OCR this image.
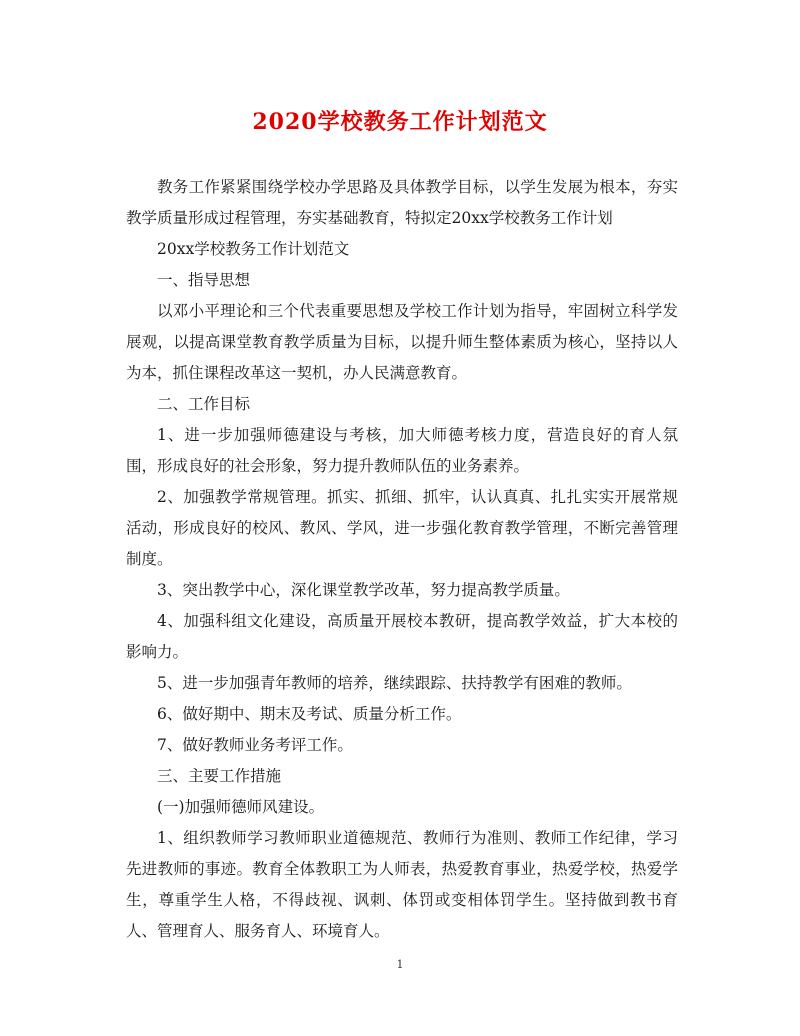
2020学校教务工作计划范文

教务工作紧紧围绕学校办学思路及具体教学目标，以学生发展为根本，夯实教学质量形成过程管理，夯实基础教育，特拟定20xx学校教务工作计划

20xx学校教务工作计划范文

一、指导思想

以邓小平理论和三个代表重要思想及学校工作计划为指导，牢固树立科学发展观，以提高课堂教育教学质量为目标，以提升师生整体素质为核心，坚持以人为本，抓住课程改革这一契机，办人民满意教育。

二、工作目标

1、进一步加强师德建设与考核，加大师德考核力度，营造良好的育人氛围，形成良好的社会形象，努力提升教师队伍的业务素养。

2、加强教学常规管理。抓实、抓细、抓牢，认认真真、扎扎实实开展常规活动，形成良好的校风、教风、学风，进一步强化教育教学管理，不断完善管理制度。

3、突出教学中心，深化课堂教学改革，努力提高教学质量。

4、加强科组文化建设，高质量开展校本教研，提高教学效益，扩大本校的影响力。

5、进一步加强青年教师的培养，继续跟踪、扶持教学有困难的教师。

6、做好期中、期末及考试、质量分析工作。

7、做好教师业务考评工作。

三、主要工作措施

(一)加强师德师风建设。

1、组织教师学习教师职业道德规范、教师行为准则、教师工作纪律，学习先进教师的事迹。教育全体教职工为人师表，热爱教育事业，热爱学校，热爱学生，尊重学生人格，不得歧视、讽刺、体罚或变相体罚学生。坚持做到教书育人、管理育人、服务育人、环境育人。

1
